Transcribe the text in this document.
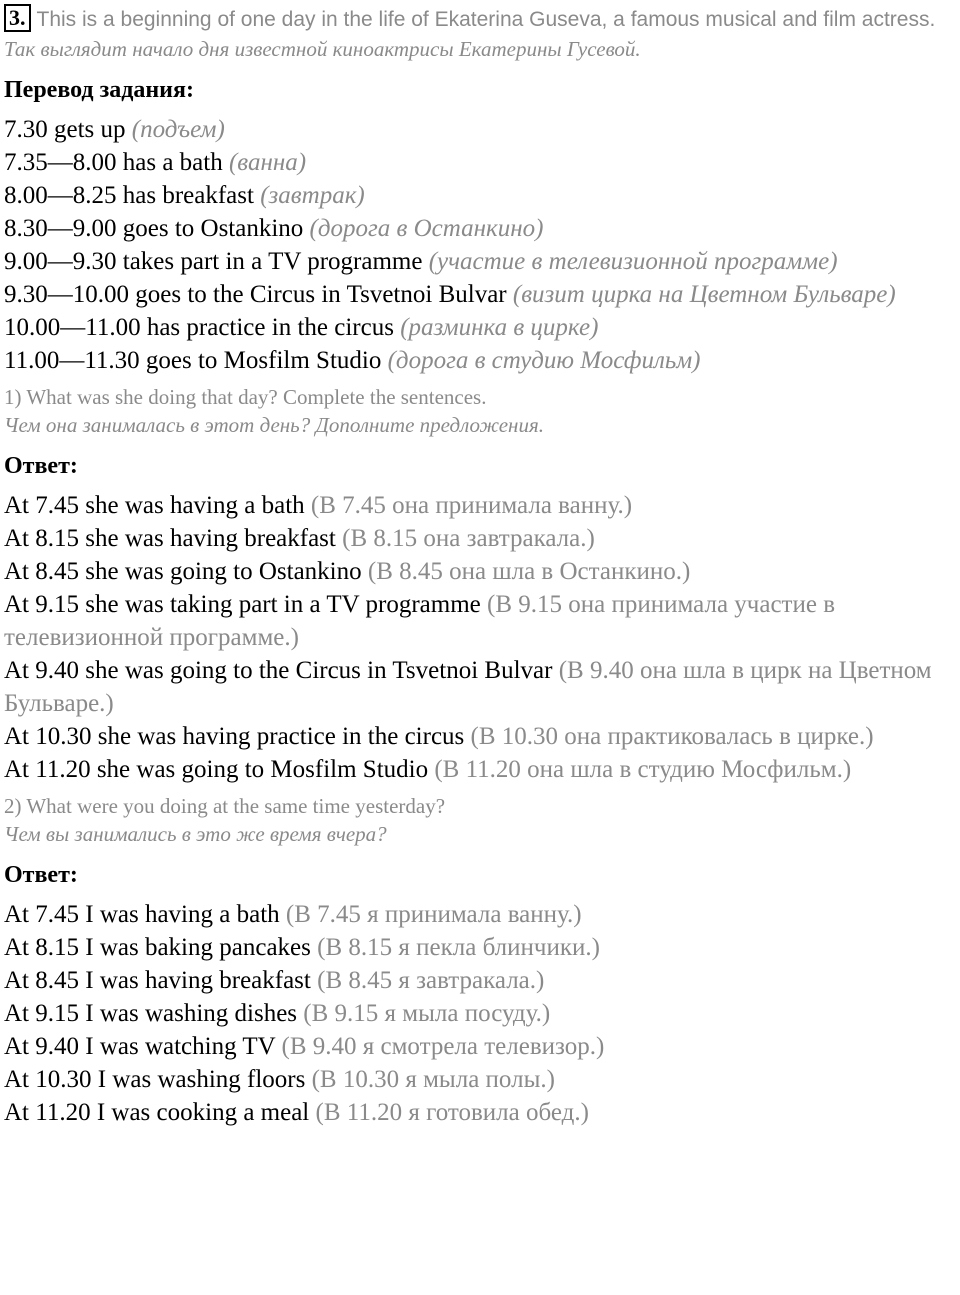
3. This is a beginning of one day in the life of Ekaterina Guseva, a famous musical and film actress.
Так выглядит начало дня известной киноактрисы Екатерины Гусевой.

Перевод задания:
7.30 gets up (подъем)
7.35—8.00 has a bath (ванна)
8.00—8.25 has breakfast (завтрак)
8.30—9.00 goes to Ostankino (дорога в Останкино)
9.00—9.30 takes part in a TV programme (участие в телевизионной программе)
9.30—10.00 goes to the Circus in Tsvetnoi Bulvar (визит цирка на Цветном Бульваре)
10.00—11.00 has practice in the circus (разминка в цирке)
11.00—11.30 goes to Mosfilm Studio (дорога в студию Мосфильм)
1) What was she doing that day? Complete the sentences.
Чем она занималась в этот день? Дополните предложения.
Ответ:
At 7.45 she was having a bath (В 7.45 она принимала ванну.)
At 8.15 she was having breakfast (В 8.15 она завтракала.)
At 8.45 she was going to Ostankino (В 8.45 она шла в Останкино.)
At 9.15 she was taking part in a TV programme (В 9.15 она принимала участие в телевизионной программе.)
At 9.40 she was going to the Circus in Tsvetnoi Bulvar (В 9.40 она шла в цирк на Цветном Бульваре.)
At 10.30 she was having practice in the circus (В 10.30 она практиковалась в цирке.)
At 11.20 she was going to Mosfilm Studio (В 11.20 она шла в студию Мосфильм.)
2) What were you doing at the same time yesterday?
Чем вы занимались в это же время вчера?
Ответ:
At 7.45 I was having a bath (В 7.45 я принимала ванну.)
At 8.15 I was baking pancakes (В 8.15 я пекла блинчики.)
At 8.45 I was having breakfast (В 8.45 я завтракала.)
At 9.15 I was washing dishes (В 9.15 я мыла посуду.)
At 9.40 I was watching TV (В 9.40 я смотрела телевизор.)
At 10.30 I was washing floors (В 10.30 я мыла полы.)
At 11.20 I was cooking a meal (В 11.20 я готовила обед.)
